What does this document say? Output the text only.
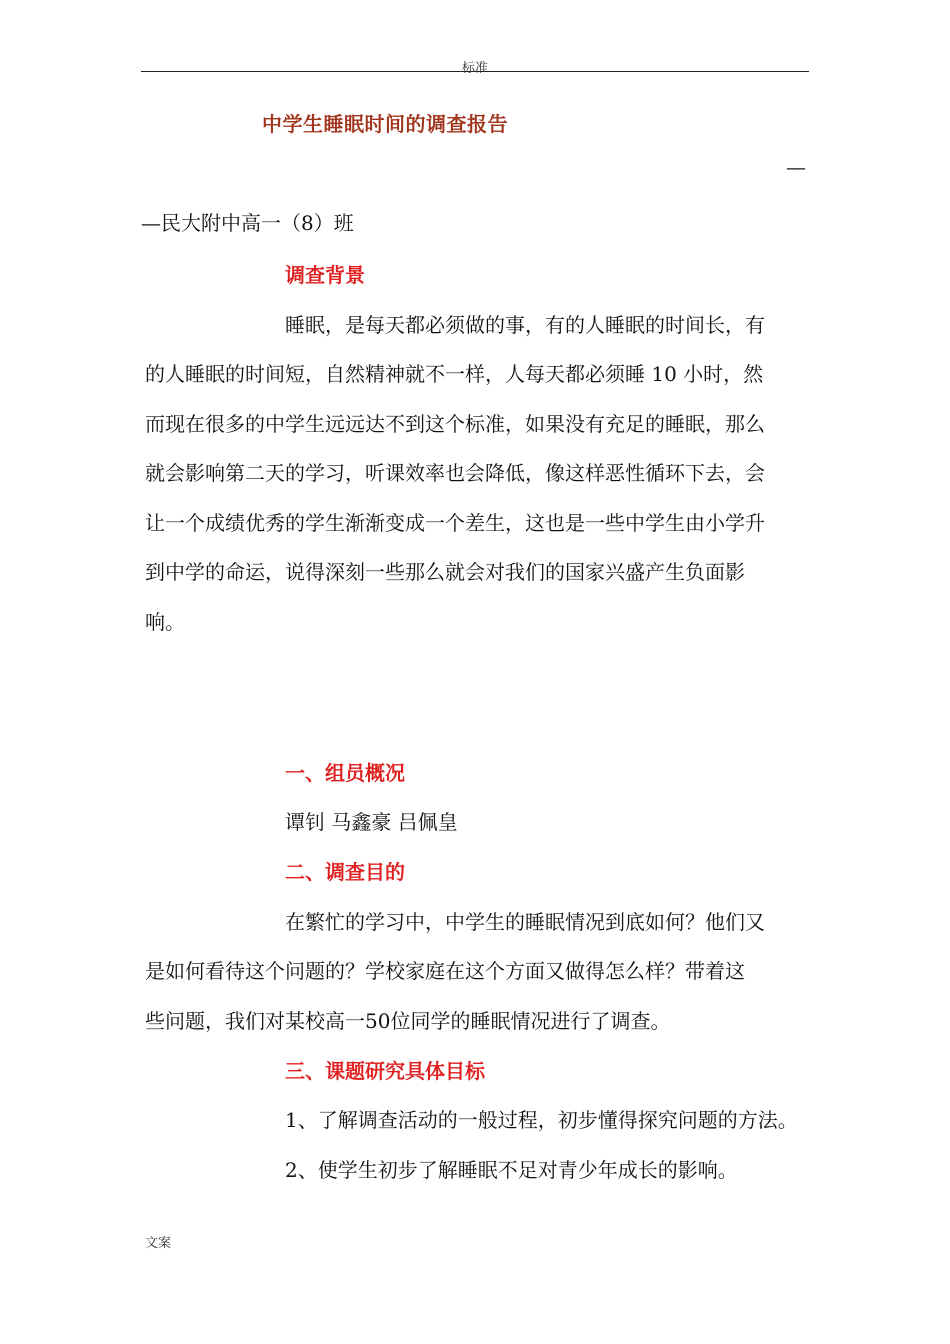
标准
中学生睡眠时间的调查报告
—
—民大附中高一（8）班
调查背景
睡眠，是每天都必须做的事，有的人睡眠的时间长，有
的人睡眠的时间短，自然精神就不一样，人每天都必须睡 10 小时，然
而现在很多的中学生远远达不到这个标准，如果没有充足的睡眠，那么
就会影响第二天的学习，听课效率也会降低，像这样恶性循环下去，会
让一个成绩优秀的学生渐渐变成一个差生，这也是一些中学生由小学升
到中学的命运，说得深刻一些那么就会对我们的国家兴盛产生负面影
响。
一、组员概况
谭钊 马鑫豪 吕佩皇
二、调查目的
在繁忙的学习中，中学生的睡眠情况到底如何？他们又
是如何看待这个问题的？学校家庭在这个方面又做得怎么样？带着这
些问题，我们对某校高一50位同学的睡眠情况进行了调查。
三、课题研究具体目标
1、了解调查活动的一般过程，初步懂得探究问题的方法。
2、使学生初步了解睡眠不足对青少年成长的影响。
文案
